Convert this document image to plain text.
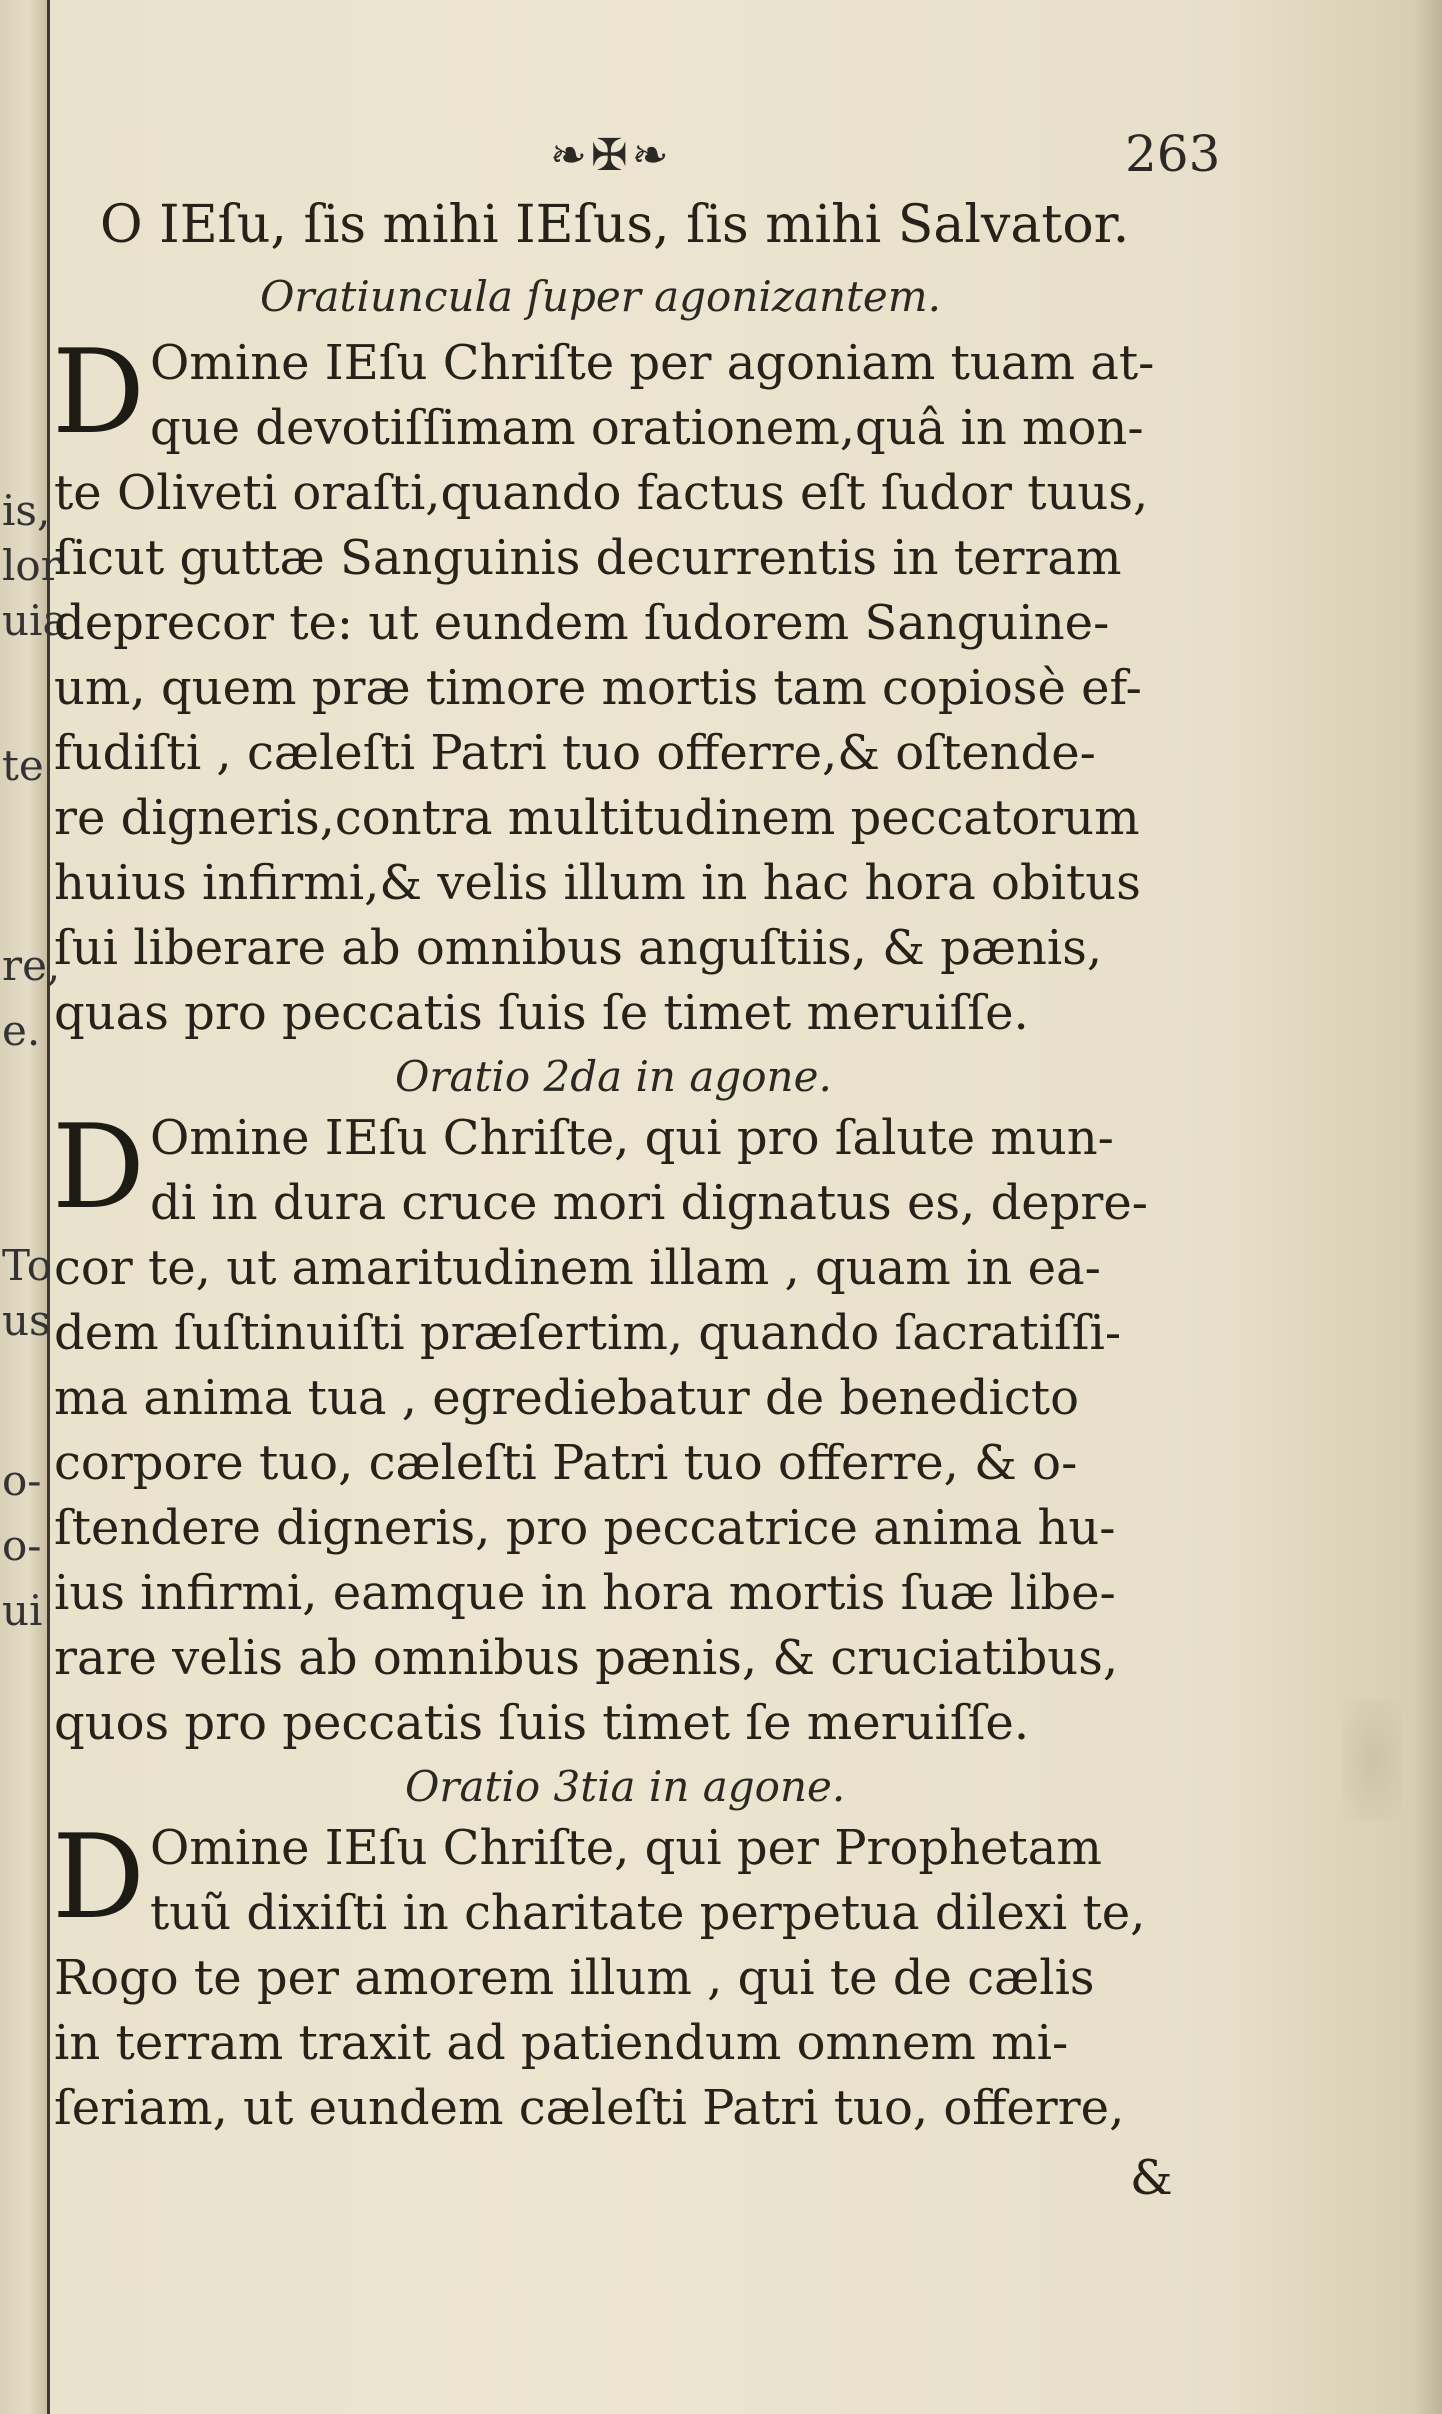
is,
lor
uia
te
re,
e.
To
us
o-
o-
ui
❧✠❧	263
O IEſu, ſis mihi IEſus, ſis mihi Salvator.
Oratiuncula ſuper agonizantem.
D Omine IEſu Chriſte per agoniam tuam at-
que devotiſſimam orationem,quâ in mon-
te Oliveti oraſti,quando factus eſt ſudor tuus,
ſicut guttæ Sanguinis decurrentis in terram
deprecor te: ut eundem ſudorem Sanguine-
um, quem præ timore mortis tam copiosè ef-
fudiſti , cæleſti Patri tuo offerre,& oſtende-
re digneris,contra multitudinem peccatorum
huius infirmi,& velis illum in hac hora obitus
ſui liberare ab omnibus anguſtiis, & pænis,
quas pro peccatis ſuis ſe timet meruiſſe.
Oratio 2da in agone.
D Omine IEſu Chriſte, qui pro ſalute mun-
di in dura cruce mori dignatus es, depre-
cor te, ut amaritudinem illam , quam in ea-
dem ſuſtinuiſti præſertim, quando ſacratiſſi-
ma anima tua , egrediebatur de benedicto
corpore tuo, cæleſti Patri tuo offerre, & o-
ſtendere digneris, pro peccatrice anima hu-
ius infirmi, eamque in hora mortis ſuæ libe-
rare velis ab omnibus pænis, & cruciatibus,
quos pro peccatis ſuis timet ſe meruiſſe.
Oratio 3tia in agone.
D Omine IEſu Chriſte, qui per Prophetam
tuũ dixiſti in charitate perpetua dilexi te,
Rogo te per amorem illum , qui te de cælis
in terram traxit ad patiendum omnem mi-
ſeriam, ut eundem cæleſti Patri tuo, offerre,
&
